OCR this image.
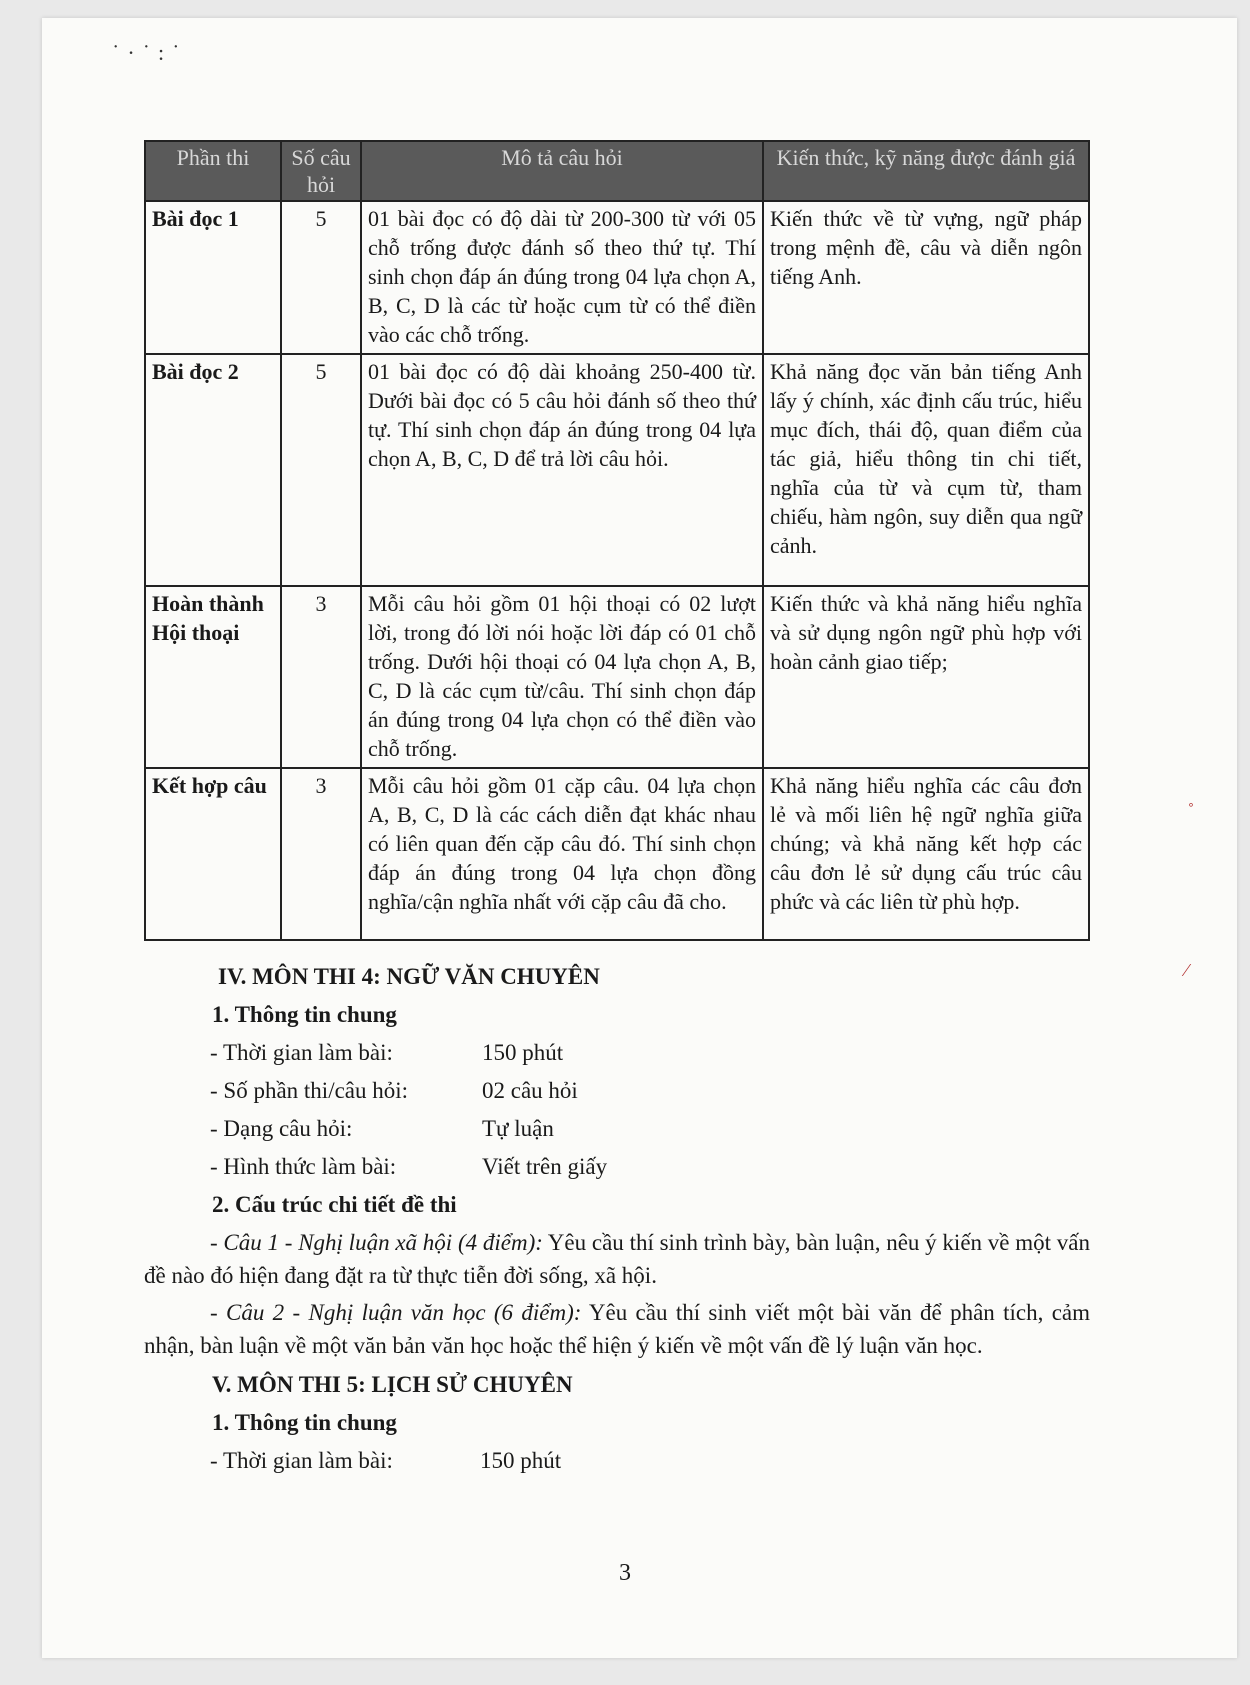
˙·˙:˙
Phần thi	Số câu hỏi	Mô tả câu hỏi	Kiến thức, kỹ năng được đánh giá
Bài đọc 1	5	01 bài đọc có độ dài từ 200-300 từ với 05 chỗ trống được đánh số theo thứ tự. Thí sinh chọn đáp án đúng trong 04 lựa chọn A, B, C, D là các từ hoặc cụm từ có thể điền vào các chỗ trống.	Kiến thức về từ vựng, ngữ pháp trong mệnh đề, câu và diễn ngôn tiếng Anh.
Bài đọc 2	5	01 bài đọc có độ dài khoảng 250-400 từ. Dưới bài đọc có 5 câu hỏi đánh số theo thứ tự. Thí sinh chọn đáp án đúng trong 04 lựa chọn A, B, C, D để trả lời câu hỏi.	Khả năng đọc văn bản tiếng Anh lấy ý chính, xác định cấu trúc, hiểu mục đích, thái độ, quan điểm của tác giả, hiểu thông tin chi tiết, nghĩa của từ và cụm từ, tham chiếu, hàm ngôn, suy diễn qua ngữ cảnh.
Hoàn thành Hội thoại	3	Mỗi câu hỏi gồm 01 hội thoại có 02 lượt lời, trong đó lời nói hoặc lời đáp có 01 chỗ trống. Dưới hội thoại có 04 lựa chọn A, B, C, D là các cụm từ/câu. Thí sinh chọn đáp án đúng trong 04 lựa chọn có thể điền vào chỗ trống.	Kiến thức và khả năng hiểu nghĩa và sử dụng ngôn ngữ phù hợp với hoàn cảnh giao tiếp;
Kết hợp câu	3	Mỗi câu hỏi gồm 01 cặp câu. 04 lựa chọn A, B, C, D là các cách diễn đạt khác nhau có liên quan đến cặp câu đó. Thí sinh chọn đáp án đúng trong 04 lựa chọn đồng nghĩa/cận nghĩa nhất với cặp câu đã cho.	Khả năng hiểu nghĩa các câu đơn lẻ và mối liên hệ ngữ nghĩa giữa chúng; và khả năng kết hợp các câu đơn lẻ sử dụng cấu trúc câu phức và các liên từ phù hợp.
IV. MÔN THI 4: NGỮ VĂN CHUYÊN
1. Thông tin chung
- Thời gian làm bài:	150 phút
- Số phần thi/câu hỏi:	02 câu hỏi
- Dạng câu hỏi:	Tự luận
- Hình thức làm bài:	Viết trên giấy
2. Cấu trúc chi tiết đề thi

- Câu 1 - Nghị luận xã hội (4 điểm): Yêu cầu thí sinh trình bày, bàn luận, nêu ý kiến về một vấn đề nào đó hiện đang đặt ra từ thực tiễn đời sống, xã hội.

- Câu 2 - Nghị luận văn học (6 điểm): Yêu cầu thí sinh viết một bài văn để phân tích, cảm nhận, bàn luận về một văn bản văn học hoặc thể hiện ý kiến về một vấn đề lý luận văn học.

V. MÔN THI 5: LỊCH SỬ CHUYÊN
1. Thông tin chung
- Thời gian làm bài:	150 phút
3
˚
⁄
